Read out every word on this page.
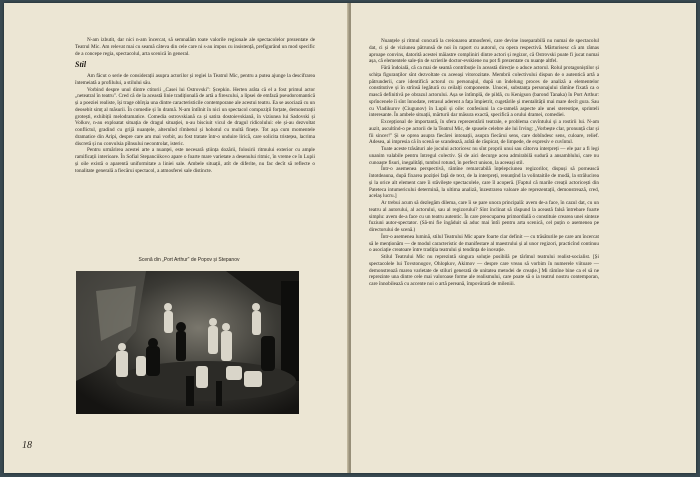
N-am izbutit, dar nici n-am încercat, să semnalăm toate valorile regionale ale spectacolelor prezentate de Teatrul Mic. Am relevat mai cu seamă câteva din cele care ni s-au impus cu insistență, prefigurând un mod specific de a concepe regia, spectacolul, arta scenică în general.

Stil

Am făcut o serie de considerații asupra actorilor și regiei la Teatrul Mic, pentru a putea ajunge la descifrarea întemeiată a profilului, a stilului său.

Vorbind despre unul dintre ctitorii „Casei lui Ostrovski": Șcepkin. Herten arăta că el a fost primul actor „neteatral în teatru". Cred că de la această linie tradițională de artă a firescului, a lipsei de emfază pseudoromantică și a poeziei realiste, își trage obîrșia una dintre caracteristicile contemporane ale acestui teatru. Ea se asociază cu un deosebit simț al măsurii. În comedie și în dramă. N-am întîlnit în nici un spectacol compoziții forțate, demonstrații grotești, exhibiții melodramatice. Comedia ostrovskiană ca și satira dostoievskiană, în viziunea lui Sadovski și Volkov, n-au exploatat situația de dragul situației, n-au bisciuit vicul de dragul ridicolului: ele și-au dezvoltat conflictul, gradind cu grijă nuanțele, alternînd rîmbetul și hohotul cu multă finețe. Tot așa cum momentele dramatice din Aripi, despre care am mai vorbit, au fost tratate într-o unduire lirică, care solicita tristețea, lacrima discretă și nu convulsia pîlnsului necontrolat, isteric.

Pentru urmărirea acestei arte a nuanței, este necesară știința dozării, folosirii ritmului exterior cu ample ramificații interioare. În Sofial Stepanciikovo apare o foarte mare varietate a desenului ritmic, în vreme ce în Lupii și oile există o aparentă uniformitate a liniei sale. Ambele situații, atît de diferite, nu fac decît să reflecte o tonalitate generală a fiecărui spectacol, a atmosferei sale distincte.

Scenă din „Port Arthur" de Popov și Stepanov
18

Nuanțele și ritmul concură la creionarea atmosferei, care devine inseparabilă nu numai de spectacolul dat, ci și de viziunea pătrunsă de noi în raport cu autorul, cu opera respectivă. Mărturisesc că am rămas aproape convins, datorită acestei măiastre compliniri dintre actori și regizor, că Ostrovski poate fi jucat numai așa, că elementele sale-țin de scrierile doctor-evskiene nu pot fi prezentate cu nuanțe altfel.

Fără îndoială, că ca mai de seamă contribuție în această direcție o aduce actorul. Rolul protagoniștilor și schița figuranților sînt dezvoltate cu aceeași vitorozitate. Membrii colectivului dispun de o autentică artă a pătrunderii, care identifică actorul cu personajul, după un îndelung proces de analiză a elementelor constitutive și în strînsă legătură cu ceilalți componente. Unocei, substanța personajului rămîne fixată ca o mască definitivă pe obrazul actorului. Așa se întîmplă, de pildă, cu Kenigson (barond Tanaka) în Port Arthur: sprîncenele îi sînt înnodate, retrasul aderent a fața împietrit, cugetările și mentalității mai mare decît gura. Sau cu Vladikurov (Ciugunov) în Lupii și oile: confesiuni la ca-ramelă aspecte ale unei stereotipe, sprinteli interesante. În ambele situații, mărturii dar măsura exactă, specifică a orului dramei, comediei.

Excepțional de importantă, în sfera reprezentării teatrale, e problema cuvîntului și a rostirii lui. N-am auzit, ascultînd-o pe actorii de la Teatrul Mic, de spusele celebre ale lui Irving: „Vorbește clar, pronunță clar și fii sincer!" Și se oprea asupra fiecărei intonații, asupra fiecărui sens, care dobîndesc sens, culoare, relief. Adesea, ai impresia că în scenă se scandează, arătă de răspicat, de limpede, de expresiv e cuvîntul.

Toate aceste trăsături ale jocului actoricesc nu sînt proprii unui sau câtorva interpreți — ele par a fi legi unanim valabile pentru întregul colectiv. Și de aici decurge acea admirabilă sudură a ansamblului, care nu cunoaște fisuri, inegalități, tumbul rotund, în perfect unison, la aceeași stil.

Într-o asemenea perspectivă, rămîne remarcabilă înțelepciunea regizorilor, dispuși să pornească întotdeauna, după fixarea poziției față de text, de la interpreți, renunțînd la volintaitile de modă, la strălucirea și la orice alt element care îi stăvilește spectacolele, care îl acoperă. [Faptul că marile creații actoricești din Pateteca intumericului determină, la ultima analiză, înzestrarea valoare ale reprezentații, demonstrează, cred, acelaș lucru.]

Ar trebui acum să dezlegăm dilema, care îi se pare unora principală: avem de-a face, în cazul dat, cu un teatru al autorului, al actorului, sau al regizorului? Sînt înclinat să răspund la această falsă întrebare foarte simplu: avem de-a face cu un teatru autentic. În care preocuparea primordială o constituie crearea unei sinteze fuziuni autor-spectator. (Să-mi fie îngăduit să aduc mai întîi pentru arta scenică, cel puțin o asemenea pe directorului de scenă.)

Într-o asemenea lumină, stilul Teatrului Mic apare foarte clar definit — cu trăsăturile pe care am încercat să le menționăm — de modul caracteristic de manifestare al maestrului și al unor regizori, practicînd continuu o asociație creatoare între tradiția teatrului și tendința de inovație.

Stilul Teatrului Mic nu reprezintă singura soluție posibilă pe tărîmul teatrului realist-socialist. [Și spectacolele lui Tovstonogov, Ohlopkov, Akimov — despre care vreau să vorbim în numerele viitoare — demonstrează marea varietate de stiluri generată de unitatea metodei de creație.] Mi rămîne bine ca el să ne reprezinte una dintre cele mai valoroase forme ale realismului, care poate să o ia teatrul nostru contemporan, care înnobilează cu accente noi o artă pereană, împovărată de mileniii.
